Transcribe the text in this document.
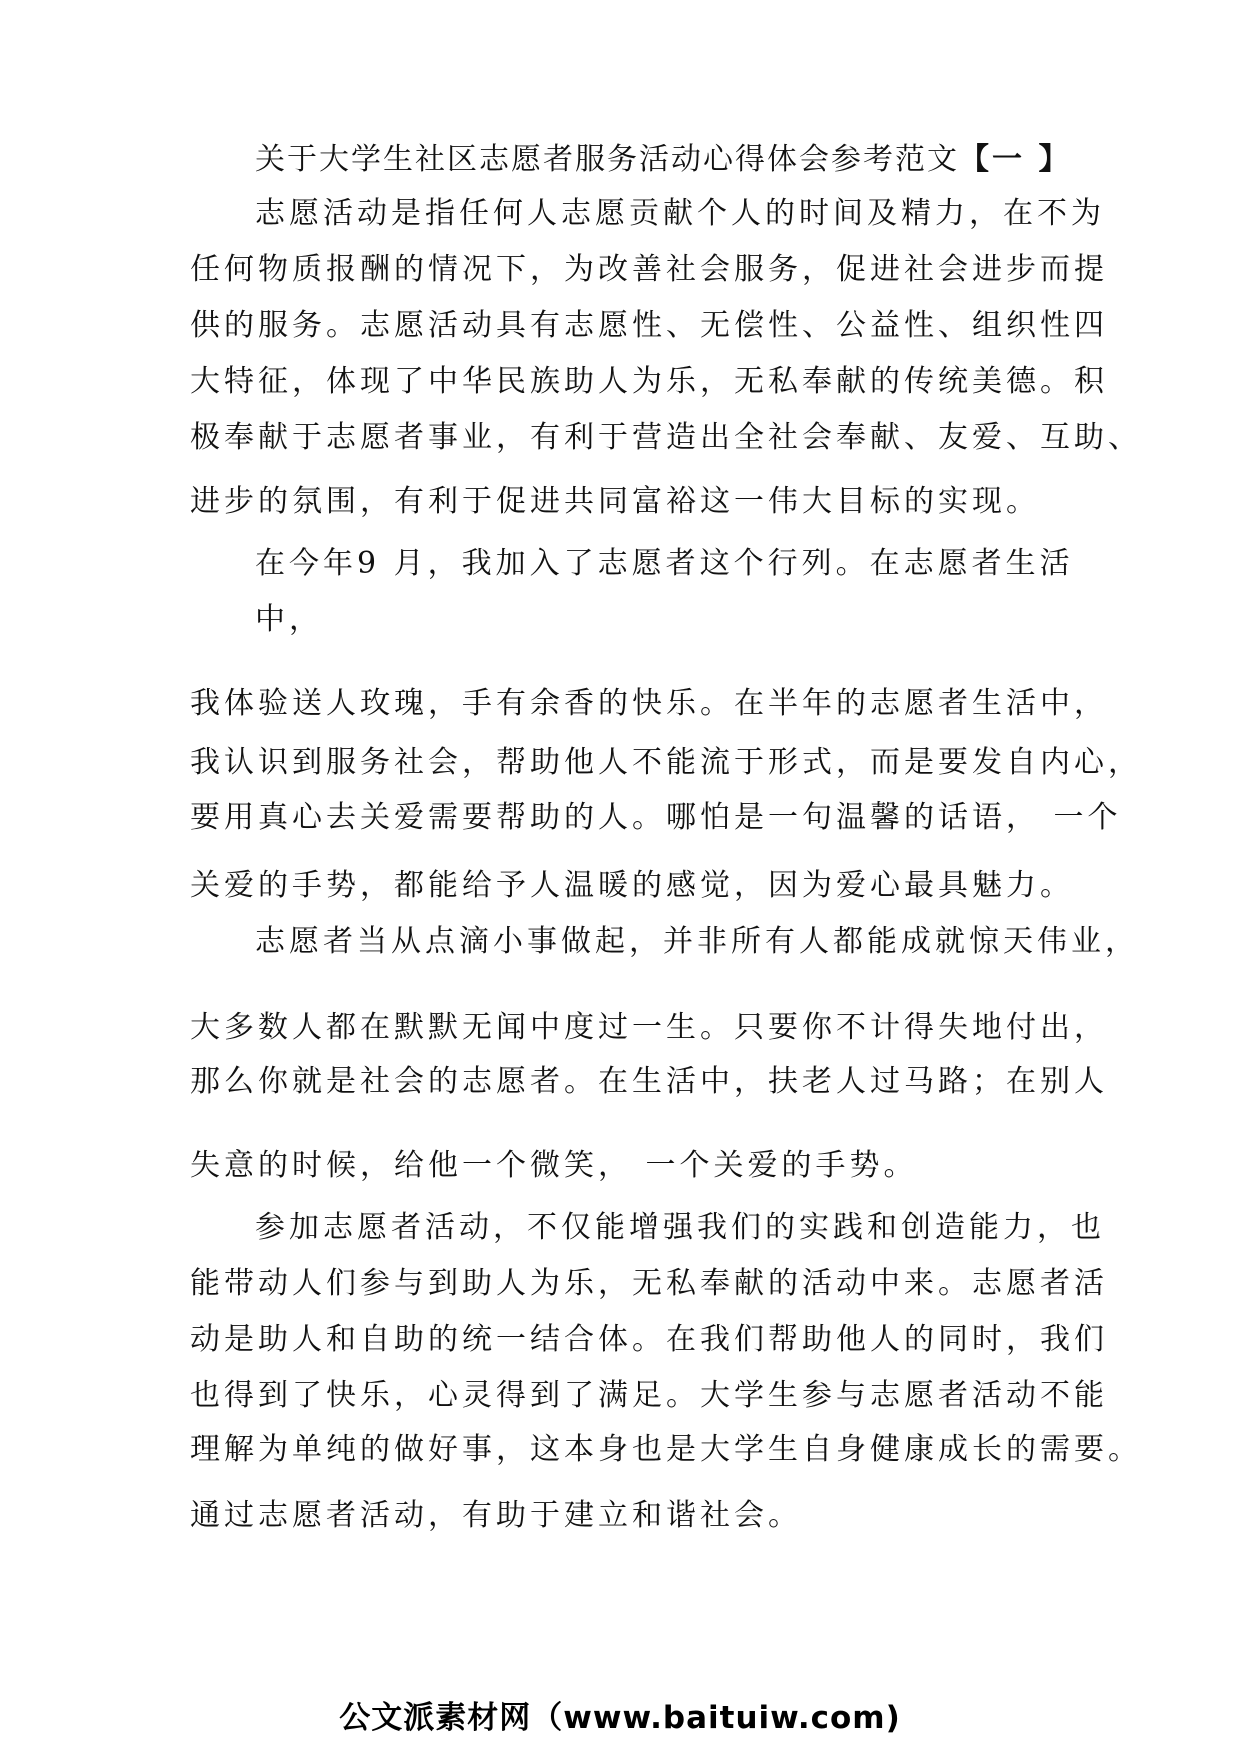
关于大学生社区志愿者服务活动心得体会参考范文【一 】
志愿活动是指任何人志愿贡献个人的时间及精力，在不为
任何物质报酬的情况下，为改善社会服务，促进社会进步而提
供的服务。志愿活动具有志愿性、无偿性、公益性、组织性四
大特征，体现了中华民族助人为乐，无私奉献的传统美德。积
极奉献于志愿者事业，有利于营造出全社会奉献、友爱、互助、
进步的氛围，有利于促进共同富裕这一伟大目标的实现。
在今年9 月，我加入了志愿者这个行列。在志愿者生活
中，
我体验送人玫瑰，手有余香的快乐。在半年的志愿者生活中，
我认识到服务社会，帮助他人不能流于形式，而是要发自内心，
要用真心去关爱需要帮助的人。哪怕是一句温馨的话语， 一个
关爱的手势，都能给予人温暖的感觉，因为爱心最具魅力。
志愿者当从点滴小事做起，并非所有人都能成就惊天伟业，
大多数人都在默默无闻中度过一生。只要你不计得失地付出，
那么你就是社会的志愿者。在生活中，扶老人过马路；在别人
失意的时候，给他一个微笑， 一个关爱的手势。
参加志愿者活动，不仅能增强我们的实践和创造能力，也
能带动人们参与到助人为乐，无私奉献的活动中来。志愿者活
动是助人和自助的统一结合体。在我们帮助他人的同时，我们
也得到了快乐，心灵得到了满足。大学生参与志愿者活动不能
理解为单纯的做好事，这本身也是大学生自身健康成长的需要。
通过志愿者活动，有助于建立和谐社会。
公文派素材网（www.baituiw.com)
